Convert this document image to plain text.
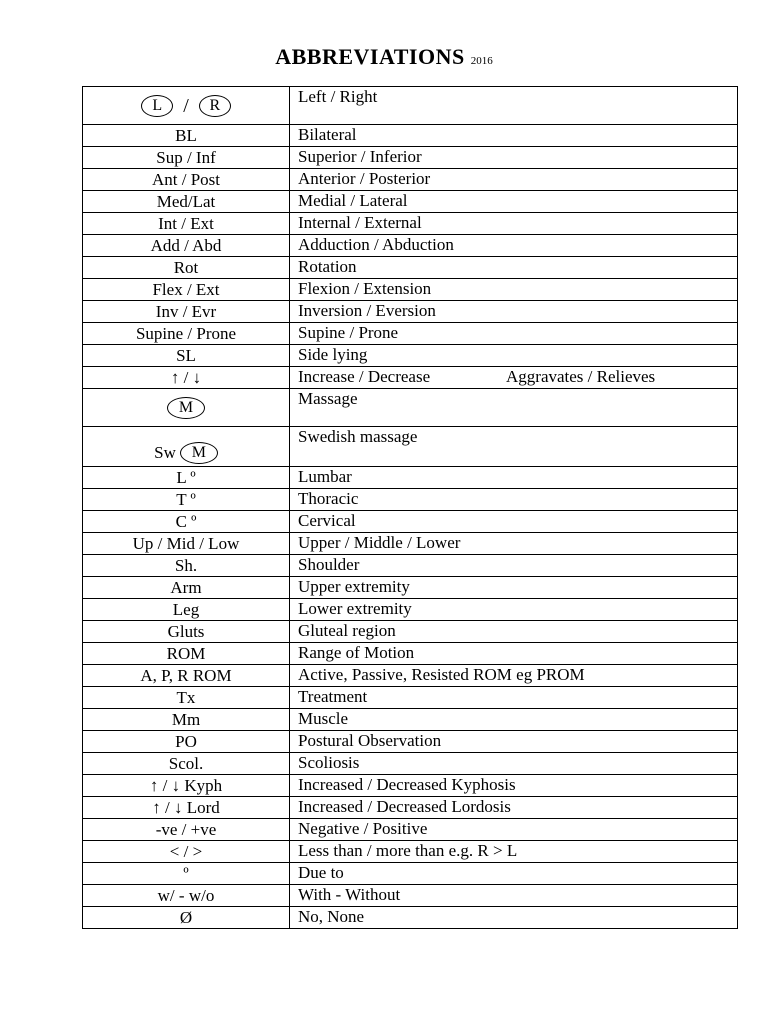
ABBREVIATIONS 2016
L / R	Left / Right
BL	Bilateral
Sup / Inf	Superior / Inferior
Ant / Post	Anterior / Posterior
Med/Lat	Medial / Lateral
Int / Ext	Internal / External
Add / Abd	Adduction / Abduction
Rot	Rotation
Flex / Ext	Flexion / Extension
Inv / Evr	Inversion / Eversion
Supine / Prone	Supine / Prone
SL	Side lying
↑ / ↓	Increase / Decrease Aggravates / Relieves

M	Massage
Sw M	Swedish massage
L º	Lumbar
T º	Thoracic
C º	Cervical
Up / Mid / Low	Upper / Middle / Lower
Sh.	Shoulder
Arm	Upper extremity
Leg	Lower extremity
Gluts	Gluteal region
ROM	Range of Motion
A, P, R ROM	Active, Passive, Resisted ROM eg PROM
Tx	Treatment
Mm	Muscle
PO	Postural Observation
Scol.	Scoliosis
↑ / ↓ Kyph	Increased / Decreased Kyphosis
↑ / ↓ Lord	Increased / Decreased Lordosis
-ve / +ve	Negative / Positive
< / >	Less than / more than e.g. R > L
º	Due to
w/ - w/o	With - Without
Ø	No, None
